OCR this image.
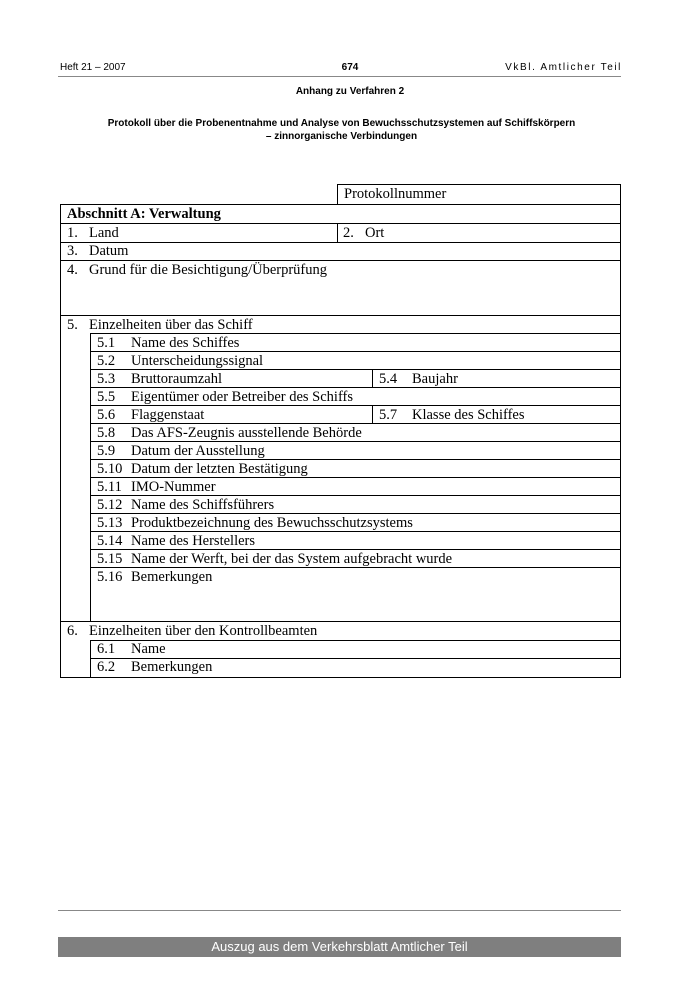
Heft 21 – 2007	674	VkBl. Amtlicher Teil
Anhang zu Verfahren 2
Protokoll über die Probenentnahme und Analyse von Bewuchsschutzsystemen auf Schiffskörpern
– zinnorganische Verbindungen
Protokollnummer
Abschnitt A: Verwaltung
1. Land	2. Ort
3. Datum
4. Grund für die Besichtigung/Überprüfung
5. Einzelheiten über das Schiff
5.1 Name des Schiffes
5.2 Unterscheidungssignal
5.3 Bruttoraumzahl	5.4 Baujahr
5.5 Eigentümer oder Betreiber des Schiffs
5.6 Flaggenstaat	5.7 Klasse des Schiffes
5.8 Das AFS-Zeugnis ausstellende Behörde
5.9 Datum der Ausstellung
5.10 Datum der letzten Bestätigung
5.11 IMO-Nummer
5.12 Name des Schiffsführers
5.13 Produktbezeichnung des Bewuchsschutzsystems
5.14 Name des Herstellers
5.15 Name der Werft, bei der das System aufgebracht wurde
5.16 Bemerkungen
6. Einzelheiten über den Kontrollbeamten
6.1 Name
6.2 Bemerkungen
Auszug aus dem Verkehrsblatt Amtlicher Teil
